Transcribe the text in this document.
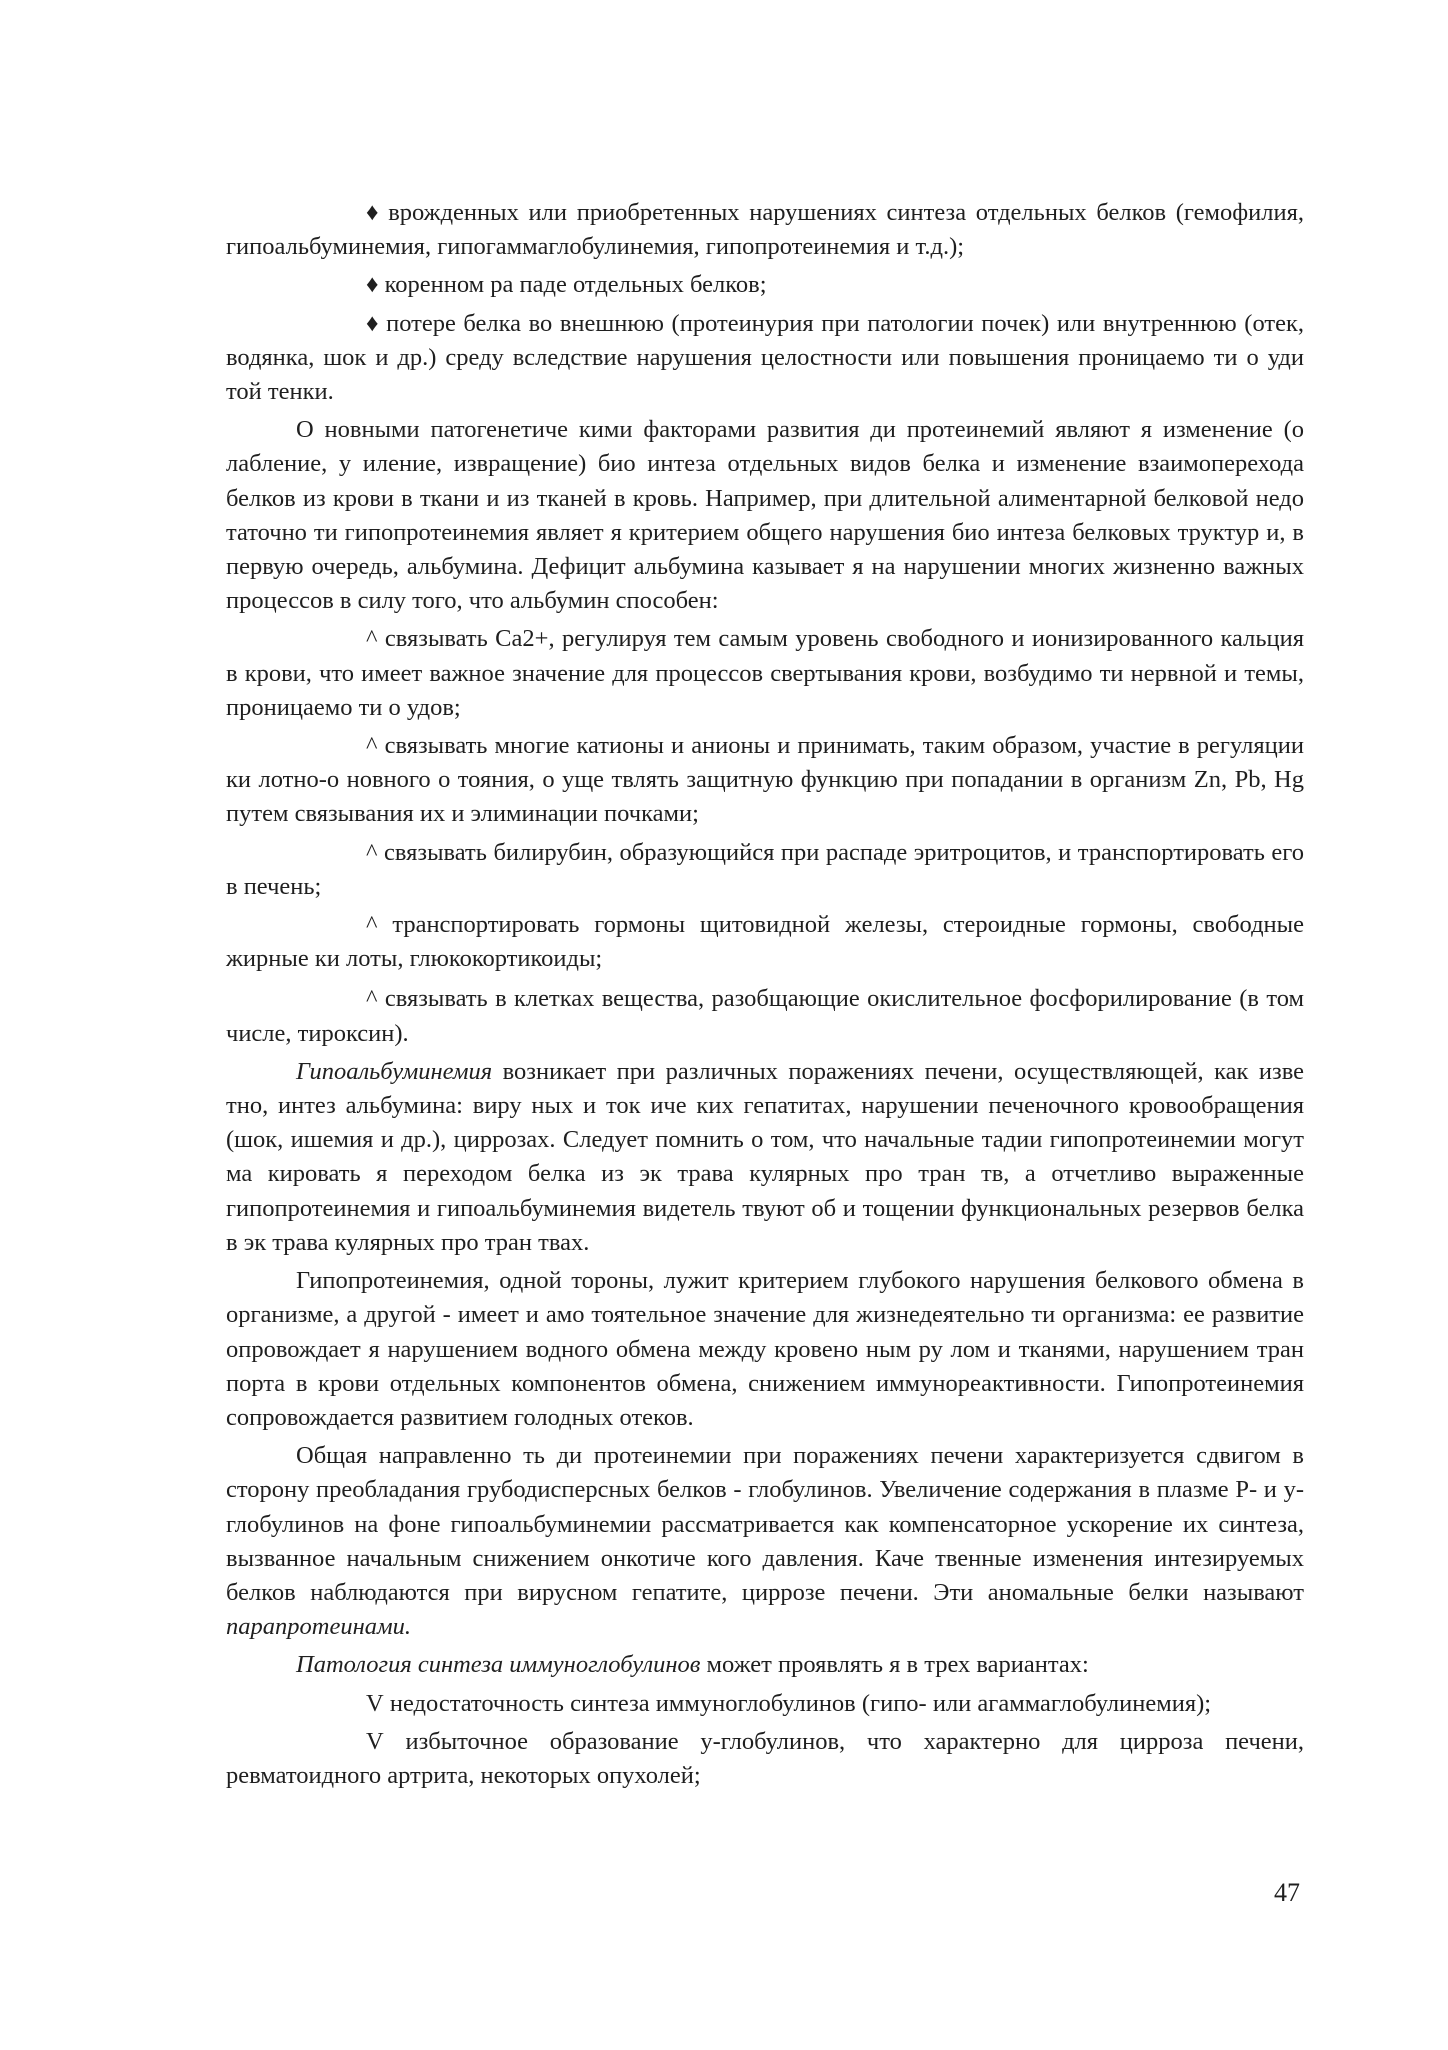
♦ врожденных или приобретенных нарушениях синтеза отдельных белков (гемофилия, гипоальбуминемия, гипогаммаглобулинемия, гипопротеинемия и т.д.);

♦ коренном ра паде отдельных белков;

♦ потере белка во внешнюю (протеинурия при патологии почек) или внутреннюю (отек, водянка, шок и др.) среду вследствие нарушения целостности или повышения проницаемо ти о уди той тенки.

О новными патогенетиче кими факторами развития ди протеинемий являют я изменение (о лабление, у иление, извращение) био интеза отдельных видов белка и изменение взаимоперехода белков из крови в ткани и из тканей в кровь. Например, при длительной алиментарной белковой недо таточно ти гипопротеинемия являет я критерием общего нарушения био интеза белковых труктур и, в первую очередь, альбумина. Дефицит альбумина казывает я на нарушении многих жизненно важных процессов в силу того, что альбумин способен:

^ связывать Са2+, регулируя тем самым уровень свободного и ионизированного кальция в крови, что имеет важное значение для процессов свертывания крови, возбудимо ти нервной и темы, проницаемо ти о удов;

^ связывать многие катионы и анионы и принимать, таким образом, участие в регуляции ки лотно-о новного о тояния, о уще твлять защитную функцию при попадании в организм Zn, Pb, Hg путем связывания их и элиминации почками;

^ связывать билирубин, образующийся при распаде эритроцитов, и транспортировать его в печень;

^ транспортировать гормоны щитовидной железы, стероидные гормоны, свободные жирные ки лоты, глюкокортикоиды;

^ связывать в клетках вещества, разобщающие окислительное фосфорилирование (в том числе, тироксин).

Гипоальбуминемия возникает при различных поражениях печени, осуществляющей, как изве тно, интез альбумина: виру ных и ток иче ких гепатитах, нарушении печеночного кровообращения (шок, ишемия и др.), циррозах. Следует помнить о том, что начальные тадии гипопротеинемии могут ма кировать я переходом белка из эк трава кулярных про тран тв, а отчетливо выраженные гипопротеинемия и гипоальбуминемия видетель твуют об и тощении функциональных резервов белка в эк трава кулярных про тран твах.

Гипопротеинемия, одной тороны, лужит критерием глубокого нарушения белкового обмена в организме, а другой - имеет и амо тоятельное значение для жизнедеятельно ти организма: ее развитие опровождает я нарушением водного обмена между кровено ным ру лом и тканями, нарушением тран порта в крови отдельных компонентов обмена, снижением иммунореактивности. Гипопротеинемия сопровождается развитием голодных отеков.

Общая направленно ть ди протеинемии при поражениях печени характеризуется сдвигом в сторону преобладания грубодисперсных белков - глобулинов. Увеличение содержания в плазме Р- и у-глобулинов на фоне гипоальбуминемии рассматривается как компенсаторное ускорение их синтеза, вызванное начальным снижением онкотиче кого давления. Каче твенные изменения интезируемых белков наблюдаются при вирусном гепатите, циррозе печени. Эти аномальные белки называют парапротеинами.

Патология синтеза иммуноглобулинов может проявлять я в трех вариантах:

V недостаточность синтеза иммуноглобулинов (гипо- или агаммаглобулинемия);

V избыточное образование у-глобулинов, что характерно для цирроза печени, ревматоидного артрита, некоторых опухолей;

47
